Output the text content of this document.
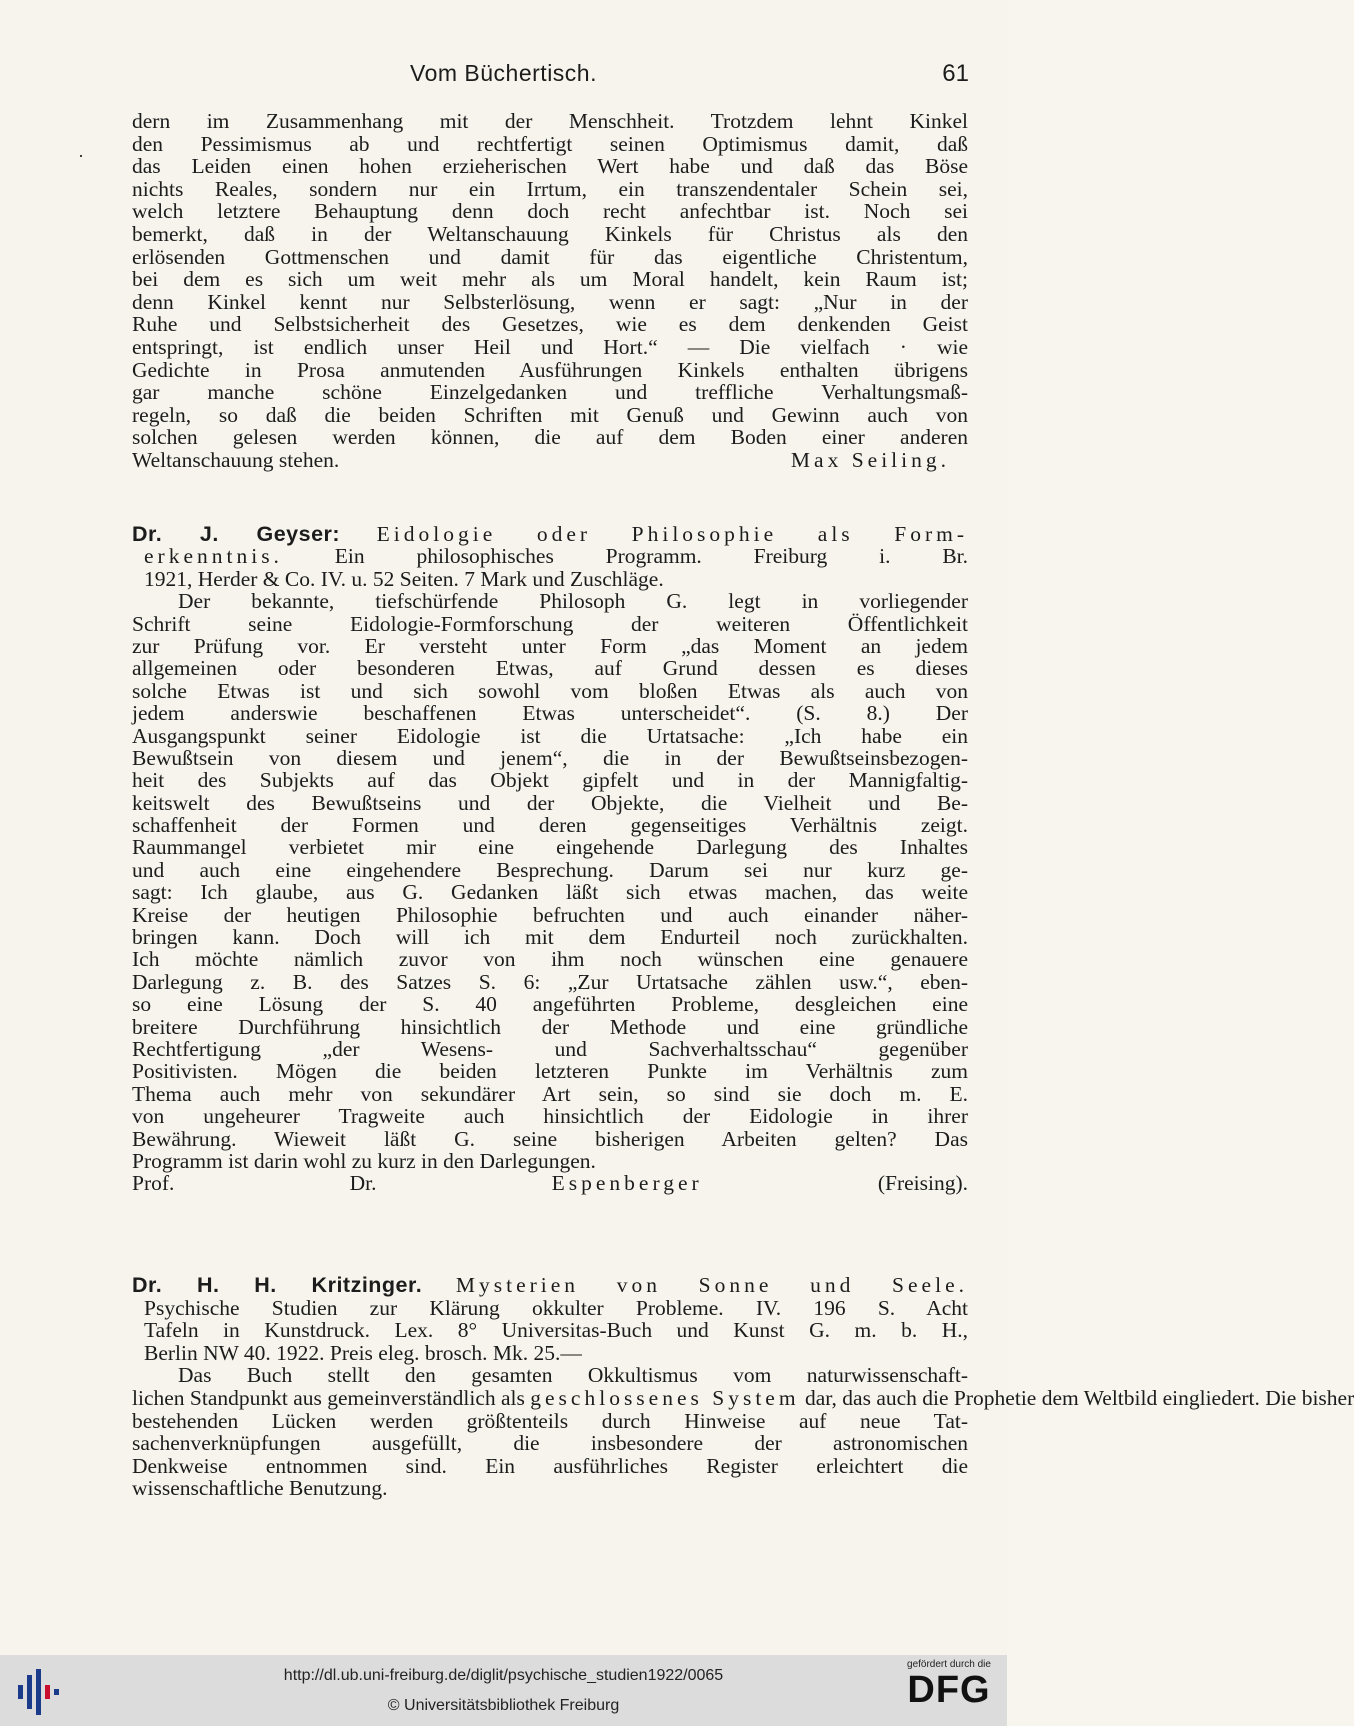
Vom Büchertisch.	61
·
dern im Zusammenhang mit der Menschheit. Trotzdem lehnt Kinkel
den Pessimismus ab und rechtfertigt seinen Optimismus damit, daß
das Leiden einen hohen erzieherischen Wert habe und daß das Böse
nichts Reales, sondern nur ein Irrtum, ein transzendentaler Schein sei,
welch letztere Behauptung denn doch recht anfechtbar ist. Noch sei
bemerkt, daß in der Weltanschauung Kinkels für Christus als den
erlösenden Gottmenschen und damit für das eigentliche Christentum,
bei dem es sich um weit mehr als um Moral handelt, kein Raum ist;
denn Kinkel kennt nur Selbsterlösung, wenn er sagt: „Nur in der
Ruhe und Selbstsicherheit des Gesetzes, wie es dem denkenden Geist
entspringt, ist endlich unser Heil und Hort.“ — Die vielfach · wie
Gedichte in Prosa anmutenden Ausführungen Kinkels enthalten übrigens
gar manche schöne Einzelgedanken und treffliche Verhaltungsmaß-
regeln, so daß die beiden Schriften mit Genuß und Gewinn auch von
solchen gelesen werden können, die auf dem Boden einer anderen
Weltanschauung stehen.	Max Seiling.
Dr. J. Geyser: Eidologie oder Philosophie als Form-
erkenntnis. Ein philosophisches Programm. Freiburg i. Br.
1921, Herder & Co. IV. u. 52 Seiten. 7 Mark und Zuschläge.
Der bekannte, tiefschürfende Philosoph G. legt in vorliegender
Schrift seine Eidologie-Formforschung der weiteren Öffentlichkeit
zur Prüfung vor. Er versteht unter Form „das Moment an jedem
allgemeinen oder besonderen Etwas, auf Grund dessen es dieses
solche Etwas ist und sich sowohl vom bloßen Etwas als auch von
jedem anderswie beschaffenen Etwas unterscheidet“. (S. 8.) Der
Ausgangspunkt seiner Eidologie ist die Urtatsache: „Ich habe ein
Bewußtsein von diesem und jenem“, die in der Bewußtseinsbezogen-
heit des Subjekts auf das Objekt gipfelt und in der Mannigfaltig-
keitswelt des Bewußtseins und der Objekte, die Vielheit und Be-
schaffenheit der Formen und deren gegenseitiges Verhältnis zeigt.
Raummangel verbietet mir eine eingehende Darlegung des Inhaltes
und auch eine eingehendere Besprechung. Darum sei nur kurz ge-
sagt: Ich glaube, aus G. Gedanken läßt sich etwas machen, das weite
Kreise der heutigen Philosophie befruchten und auch einander näher-
bringen kann. Doch will ich mit dem Endurteil noch zurückhalten.
Ich möchte nämlich zuvor von ihm noch wünschen eine genauere
Darlegung z. B. des Satzes S. 6: „Zur Urtatsache zählen usw.“, eben-
so eine Lösung der S. 40 angeführten Probleme, desgleichen eine
breitere Durchführung hinsichtlich der Methode und eine gründliche
Rechtfertigung „der Wesens- und Sachverhaltsschau“ gegenüber
Positivisten. Mögen die beiden letzteren Punkte im Verhältnis zum
Thema auch mehr von sekundärer Art sein, so sind sie doch m. E.
von ungeheurer Tragweite auch hinsichtlich der Eidologie in ihrer
Bewährung. Wieweit läßt G. seine bisherigen Arbeiten gelten? Das
Programm ist darin wohl zu kurz in den Darlegungen.
Prof. Dr.	Espenberger	(Freising).
Dr. H. H. Kritzinger. Mysterien von Sonne und Seele.
Psychische Studien zur Klärung okkulter Probleme. IV. 196 S. Acht
Tafeln in Kunstdruck. Lex. 8° Universitas-Buch und Kunst G. m. b. H.,
Berlin NW 40. 1922. Preis eleg. brosch. Mk. 25.—
Das Buch stellt den gesamten Okkultismus vom naturwissenschaft-
lichen Standpunkt aus gemeinverständlich als geschlossenes System dar, das auch die Prophetie dem Weltbild eingliedert. Die bisher
bestehenden Lücken werden größtenteils durch Hinweise auf neue Tat-
sachenverknüpfungen ausgefüllt, die insbesondere der astronomischen
Denkweise entnommen sind. Ein ausführliches Register erleichtert die
wissenschaftliche Benutzung.
http://dl.ub.uni-freiburg.de/diglit/psychische_studien1922/0065
© Universitätsbibliothek Freiburg
gefördert durch die
DFG
